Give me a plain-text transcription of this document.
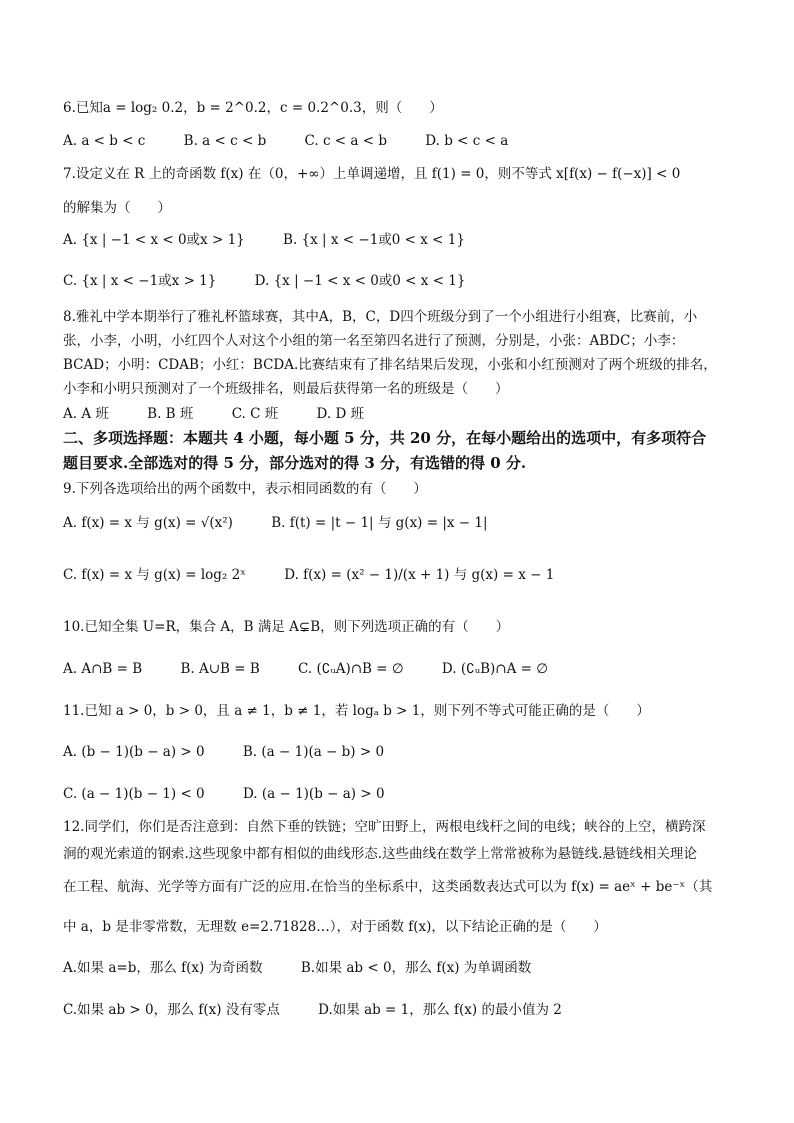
6.已知a = log₂ 0.2，b = 2^0.2，c = 0.2^0.3，则（　　）
A. a < b < c	B. a < c < b	C. c < a < b	D. b < c < a
7.设定义在 R 上的奇函数 f(x) 在（0，+∞）上单调递增，且 f(1) = 0，则不等式 x[f(x) − f(−x)] < 0
的解集为（　　）
A. {x | −1 < x < 0或x > 1}	B. {x | x < −1或0 < x < 1}
C. {x | x < −1或x > 1}	D. {x | −1 < x < 0或0 < x < 1}
8.雅礼中学本期举行了雅礼杯篮球赛，其中A，B，C，D四个班级分到了一个小组进行小组赛，比赛前，小
张，小李，小明，小红四个人对这个小组的第一名至第四名进行了预测，分别是，小张：ABDC；小李：
BCAD；小明：CDAB；小红：BCDA.比赛结束有了排名结果后发现，小张和小红预测对了两个班级的排名，
小李和小明只预测对了一个班级排名，则最后获得第一名的班级是（　　）
A. A 班	B. B 班	C. C 班	D. D 班
二、多项选择题：本题共 4 小题，每小题 5 分，共 20 分，在每小题给出的选项中，有多项符合
题目要求.全部选对的得 5 分，部分选对的得 3 分，有选错的得 0 分.
9.下列各选项给出的两个函数中，表示相同函数的有（　　）
A. f(x) = x 与 g(x) = √(x²)	B. f(t) = |t − 1| 与 g(x) = |x − 1|
C. f(x) = x 与 g(x) = log₂ 2ˣ	D. f(x) = (x² − 1)/(x + 1) 与 g(x) = x − 1
10.已知全集 U=R，集合 A，B 满足 A⊊B，则下列选项正确的有（　　）
A. A∩B = B	B. A∪B = B	C. (∁ᵤA)∩B = ∅	D. (∁ᵤB)∩A = ∅
11.已知 a > 0，b > 0，且 a ≠ 1，b ≠ 1，若 logₐ b > 1，则下列不等式可能正确的是（　　）
A. (b − 1)(b − a) > 0	B. (a − 1)(a − b) > 0
C. (a − 1)(b − 1) < 0	D. (a − 1)(b − a) > 0
12.同学们，你们是否注意到：自然下垂的铁链；空旷田野上，两根电线杆之间的电线；峡谷的上空，横跨深
涧的观光索道的钢索.这些现象中都有相似的曲线形态.这些曲线在数学上常常被称为悬链线.悬链线相关理论
在工程、航海、光学等方面有广泛的应用.在恰当的坐标系中，这类函数表达式可以为 f(x) = aeˣ + be⁻ˣ（其
中 a，b 是非零常数，无理数 e=2.71828…），对于函数 f(x)，以下结论正确的是（　　）
A.如果 a=b，那么 f(x) 为奇函数	B.如果 ab < 0，那么 f(x) 为单调函数
C.如果 ab > 0，那么 f(x) 没有零点	D.如果 ab = 1，那么 f(x) 的最小值为 2
